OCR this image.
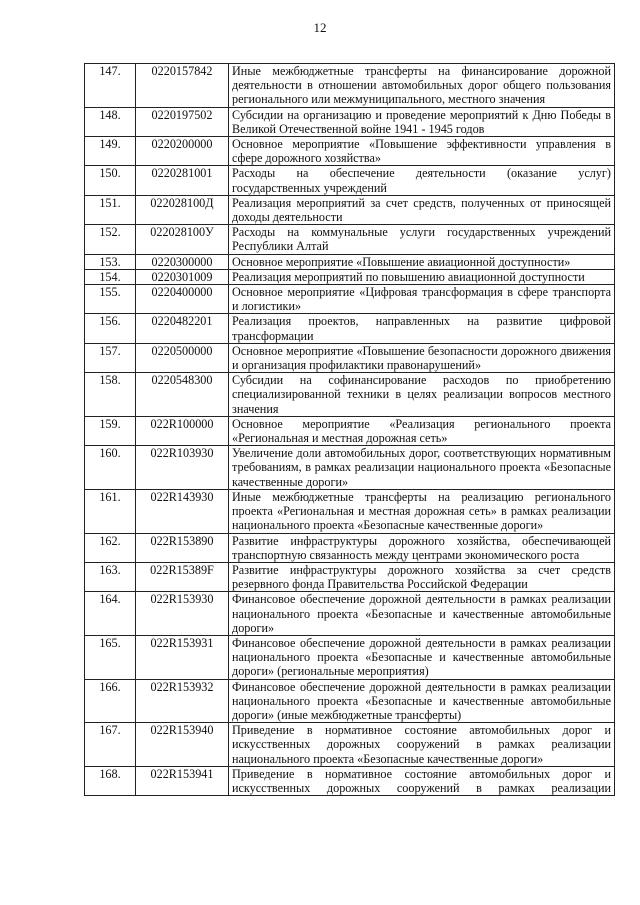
12
147.	0220157842	Иные межбюджетные трансферты на финансирование дорожной деятельности в отношении автомобильных дорог общего пользования регионального или межмуниципального, местного значения
148.	0220197502	Субсидии на организацию и проведение мероприятий к Дню Победы в Великой Отечественной войне 1941 - 1945 годов
149.	0220200000	Основное мероприятие «Повышение эффективности управления в сфере дорожного хозяйства»
150.	0220281001	Расходы на обеспечение деятельности (оказание услуг) государственных учреждений
151.	022028100Д	Реализация мероприятий за счет средств, полученных от приносящей доходы деятельности
152.	022028100У	Расходы на коммунальные услуги государственных учреждений Республики Алтай
153.	0220300000	Основное мероприятие «Повышение авиационной доступности»
154.	0220301009	Реализация мероприятий по повышению авиационной доступности
155.	0220400000	Основное мероприятие «Цифровая трансформация в сфере транспорта и логистики»
156.	0220482201	Реализация проектов, направленных на развитие цифровой трансформации
157.	0220500000	Основное мероприятие «Повышение безопасности дорожного движения и организация профилактики правонарушений»
158.	0220548300	Субсидии на софинансирование расходов по приобретению специализированной техники в целях реализации вопросов местного значения
159.	022R100000	Основное мероприятие «Реализация регионального проекта «Региональная и местная дорожная сеть»
160.	022R103930	Увеличение доли автомобильных дорог, соответствующих нормативным требованиям, в рамках реализации национального проекта «Безопасные качественные дороги»
161.	022R143930	Иные межбюджетные трансферты на реализацию регионального проекта «Региональная и местная дорожная сеть» в рамках реализации национального проекта «Безопасные качественные дороги»
162.	022R153890	Развитие инфраструктуры дорожного хозяйства, обеспечивающей транспортную связанность между центрами экономического роста
163.	022R15389F	Развитие инфраструктуры дорожного хозяйства за счет средств резервного фонда Правительства Российской Федерации
164.	022R153930	Финансовое обеспечение дорожной деятельности в рамках реализации национального проекта «Безопасные и качественные автомобильные дороги»
165.	022R153931	Финансовое обеспечение дорожной деятельности в рамках реализации национального проекта «Безопасные и качественные автомобильные дороги» (региональные мероприятия)
166.	022R153932	Финансовое обеспечение дорожной деятельности в рамках реализации национального проекта «Безопасные и качественные автомобильные дороги» (иные межбюджетные трансферты)
167.	022R153940	Приведение в нормативное состояние автомобильных дорог и искусственных дорожных сооружений в рамках реализации национального проекта «Безопасные качественные дороги»
168.	022R153941	Приведение в нормативное состояние автомобильных дорог и искусственных дорожных сооружений в рамках реализации
